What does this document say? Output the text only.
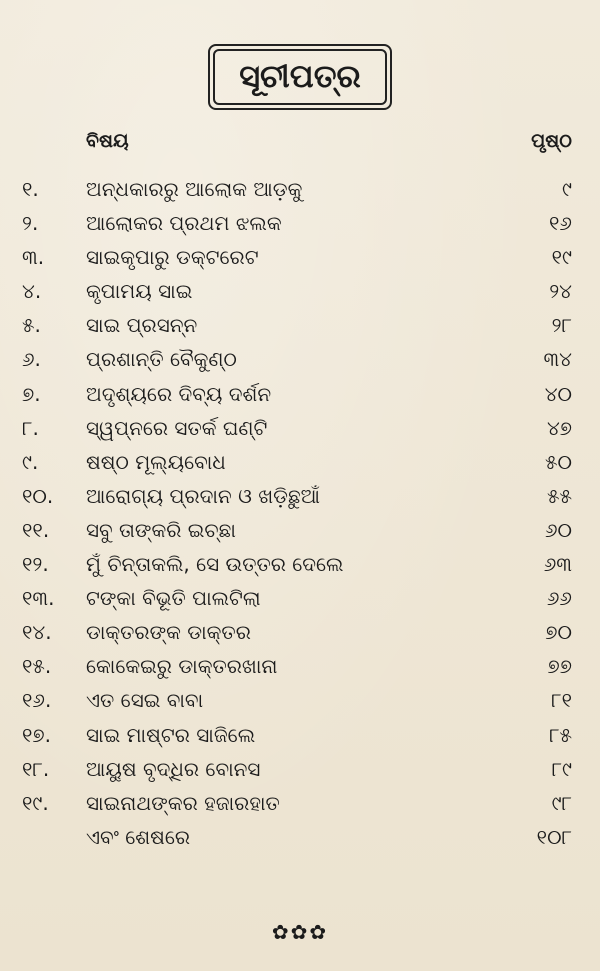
ସୂଚୀପତ୍ର
ବିଷୟ	ପୃଷ୍ଠ
୧. ଅନ୍ଧକାରରୁ ଆଲୋକ ଆଡ଼କୁ	୯
୨. ଆଲୋକର ପ୍ରଥମ ଝଲକ	୧୬
୩. ସାଇକୃପାରୁ ଡକ୍ଟରେଟ	୧୯
୪. କୃପାମୟ ସାଇ	୨୪
୫. ସାଇ ପ୍ରସନ୍ନ	୨୮
୬. ପ୍ରଶାନ୍ତି ବୈକୁଣ୍ଠ	୩୪
୭. ଅଦୃଶ୍ୟରେ ଦିବ୍ୟ ଦର୍ଶନ	୪୦
୮. ସ୍ୱପ୍ନରେ ସତର୍କ ଘଣ୍ଟି	୪୭
୯. ଷଷ୍ଠ ମୂଲ୍ୟବୋଧ	୫୦
୧୦. ଆରୋଗ୍ୟ ପ୍ରଦାନ ଓ ଖଡ଼ିଛୁଆଁ	୫୫
୧୧. ସବୁ ତାଙ୍କରି ଇଚ୍ଛା	୬୦
୧୨. ମୁଁ ଚିନ୍ତାକଲି, ସେ ଉତ୍ତର ଦେଲେ	୬୩
୧୩. ଟଙ୍କା ବିଭୂତି ପାଲଟିଲା	୬୬
୧୪. ଡାକ୍ତରଙ୍କ ଡାକ୍ତର	୭୦
୧୫. କୋକେଇରୁ ଡାକ୍ତରଖାନା	୭୭
୧୬. ଏତ ସେଇ ବାବା	୮୧
୧୭. ସାଇ ମାଷ୍ଟର ସାଜିଲେ	୮୫
୧୮. ଆୟୁଷ ବୃଦ୍ଧିର ବୋନସ	୮୯
୧୯. ସାଇନାଥଙ୍କର ହଜାରହାତ	୯୮
ଏବଂ ଶେଷରେ	୧୦୮
✿✿✿
